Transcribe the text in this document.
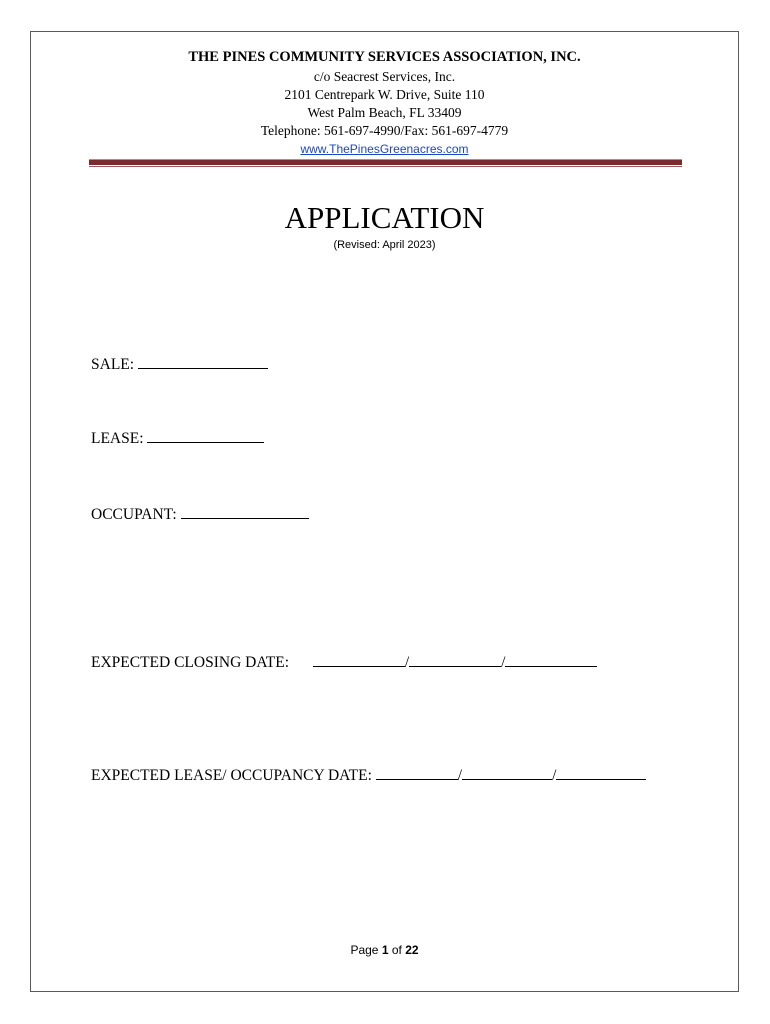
THE PINES COMMUNITY SERVICES ASSOCIATION, INC.
c/o Seacrest Services, Inc.
2101 Centrepark W. Drive, Suite 110
West Palm Beach, FL 33409
Telephone: 561-697-4990/Fax: 561-697-4779
www.ThePinesGreenacres.com
APPLICATION
(Revised: April 2023)
SALE:
LEASE:
OCCUPANT:
EXPECTED CLOSING DATE:	/	/
EXPECTED LEASE/ OCCUPANCY DATE:	/	/
Page 1 of 22
